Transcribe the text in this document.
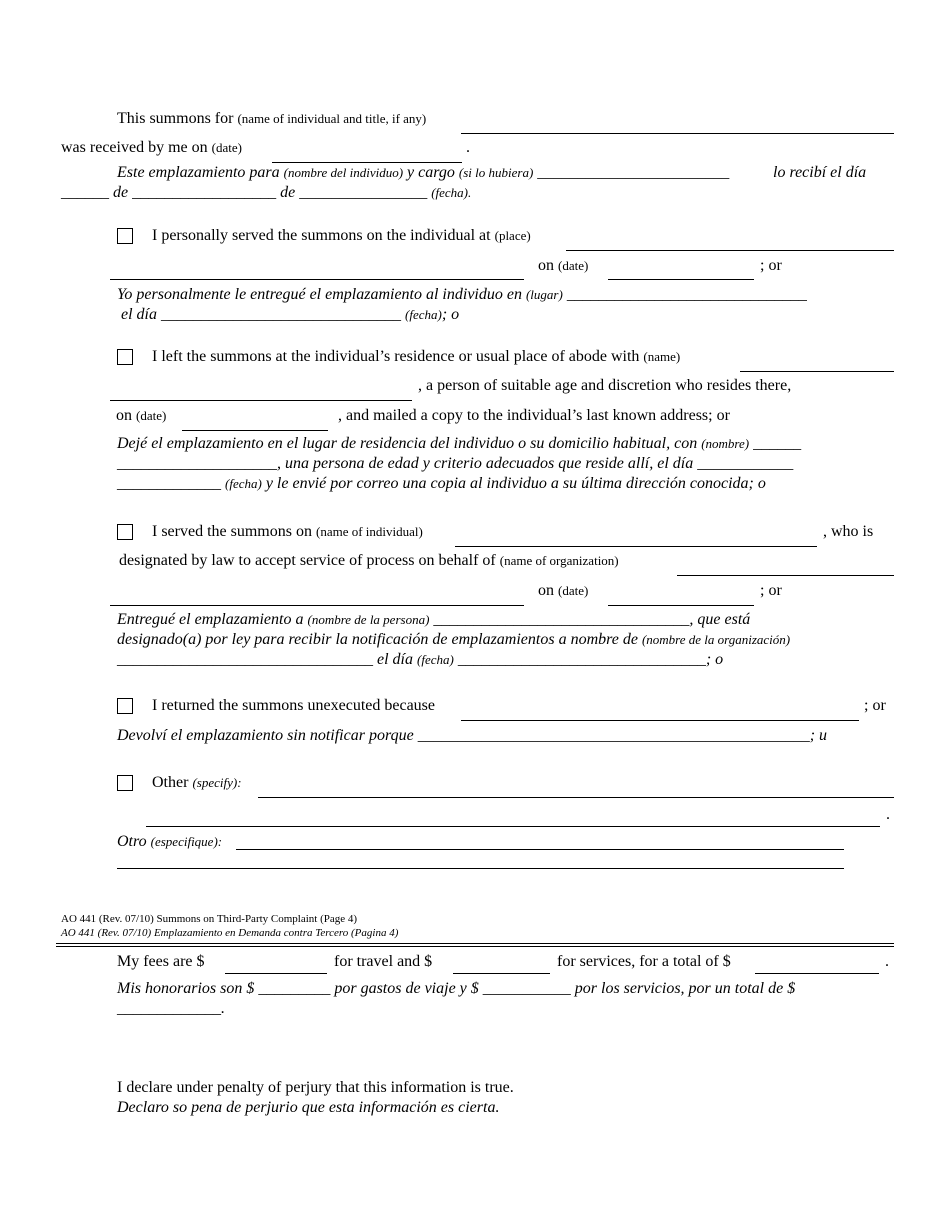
This summons for (name of individual and title, if any)
was received by me on (date)	.
Este emplazamiento para (nombre del individuo) y cargo (si lo hubiera) ________________________	lo recibí el día
______ de __________________ de ________________ (fecha).
I personally served the summons on the individual at (place)
on (date)	; or
Yo personalmente le entregué el emplazamiento al individuo en (lugar) ______________________________
el día ______________________________ (fecha); o
I left the summons at the individual’s residence or usual place of abode with (name)
, a person of suitable age and discretion who resides there,
on (date)	, and mailed a copy to the individual’s last known address; or
Dejé el emplazamiento en el lugar de residencia del individuo o su domicilio habitual, con (nombre) ______
____________________, una persona de edad y criterio adecuados que reside allí, el día ____________
_____________ (fecha) y le envié por correo una copia al individuo a su última dirección conocida; o
I served the summons on (name of individual)	, who is
designated by law to accept service of process on behalf of (name of organization)
on (date)	; or
Entregué el emplazamiento a (nombre de la persona) ________________________________, que está
designado(a) por ley para recibir la notificación de emplazamientos a nombre de (nombre de la organización)
________________________________ el día (fecha) _______________________________; o
I returned the summons unexecuted because	; or
Devolví el emplazamiento sin notificar porque _________________________________________________; u
Other (specify):
.
Otro (especifique):
AO 441 (Rev. 07/10) Summons on Third-Party Complaint (Page 4)
AO 441 (Rev. 07/10) Emplazamiento en Demanda contra Tercero (Pagina 4)
My fees are $	for travel and $	for services, for a total of $	.
Mis honorarios son $ _________ por gastos de viaje y $ ___________ por los servicios, por un total de $
_____________.
I declare under penalty of perjury that this information is true.
Declaro so pena de perjurio que esta información es cierta.
